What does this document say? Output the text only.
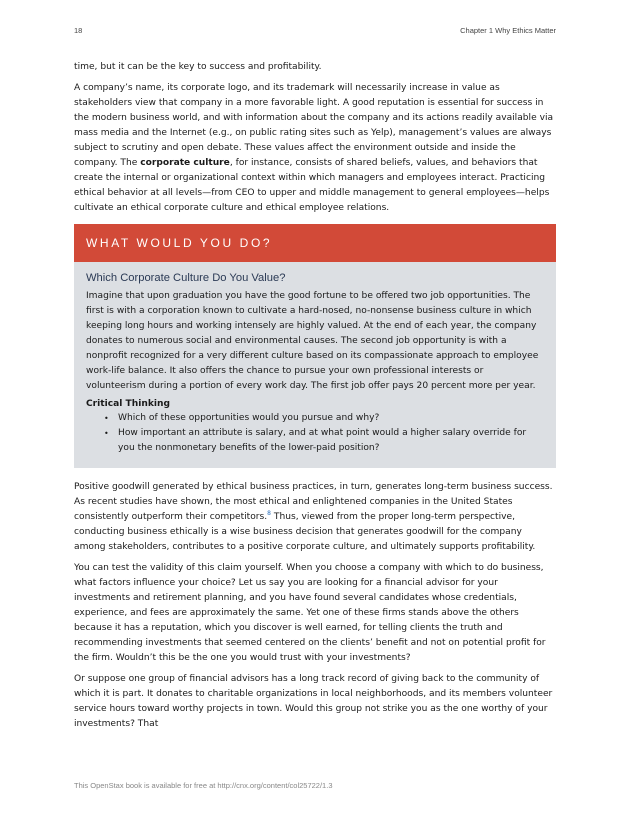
18	Chapter 1 Why Ethics Matter

time, but it can be the key to success and profitability.

A company’s name, its corporate logo, and its trademark will necessarily increase in value as stakeholders view that company in a more favorable light. A good reputation is essential for success in the modern business world, and with information about the company and its actions readily available via mass media and the Internet (e.g., on public rating sites such as Yelp), management’s values are always subject to scrutiny and open debate. These values affect the environment outside and inside the company. The corporate culture, for instance, consists of shared beliefs, values, and behaviors that create the internal or organizational context within which managers and employees interact. Practicing ethical behavior at all levels—from CEO to upper and middle management to general employees—helps cultivate an ethical corporate culture and ethical employee relations.

WHAT WOULD YOU DO?
Which Corporate Culture Do You Value?

Imagine that upon graduation you have the good fortune to be offered two job opportunities. The first is with a corporation known to cultivate a hard-nosed, no-nonsense business culture in which keeping long hours and working intensely are highly valued. At the end of each year, the company donates to numerous social and environmental causes. The second job opportunity is with a nonprofit recognized for a very different culture based on its compassionate approach to employee work-life balance. It also offers the chance to pursue your own professional interests or volunteerism during a portion of every work day. The first job offer pays 20 percent more per year.

Critical Thinking
• Which of these opportunities would you pursue and why?
• How important an attribute is salary, and at what point would a higher salary override for you the nonmonetary benefits of the lower-paid position?

Positive goodwill generated by ethical business practices, in turn, generates long-term business success. As recent studies have shown, the most ethical and enlightened companies in the United States consistently outperform their competitors.$^8$ Thus, viewed from the proper long-term perspective, conducting business ethically is a wise business decision that generates goodwill for the company among stakeholders, contributes to a positive corporate culture, and ultimately supports profitability.

You can test the validity of this claim yourself. When you choose a company with which to do business, what factors influence your choice? Let us say you are looking for a financial advisor for your investments and retirement planning, and you have found several candidates whose credentials, experience, and fees are approximately the same. Yet one of these firms stands above the others because it has a reputation, which you discover is well earned, for telling clients the truth and recommending investments that seemed centered on the clients’ benefit and not on potential profit for the firm. Wouldn’t this be the one you would trust with your investments?

Or suppose one group of financial advisors has a long track record of giving back to the community of which it is part. It donates to charitable organizations in local neighborhoods, and its members volunteer service hours toward worthy projects in town. Would this group not strike you as the one worthy of your investments? That

This OpenStax book is available for free at http://cnx.org/content/col25722/1.3
